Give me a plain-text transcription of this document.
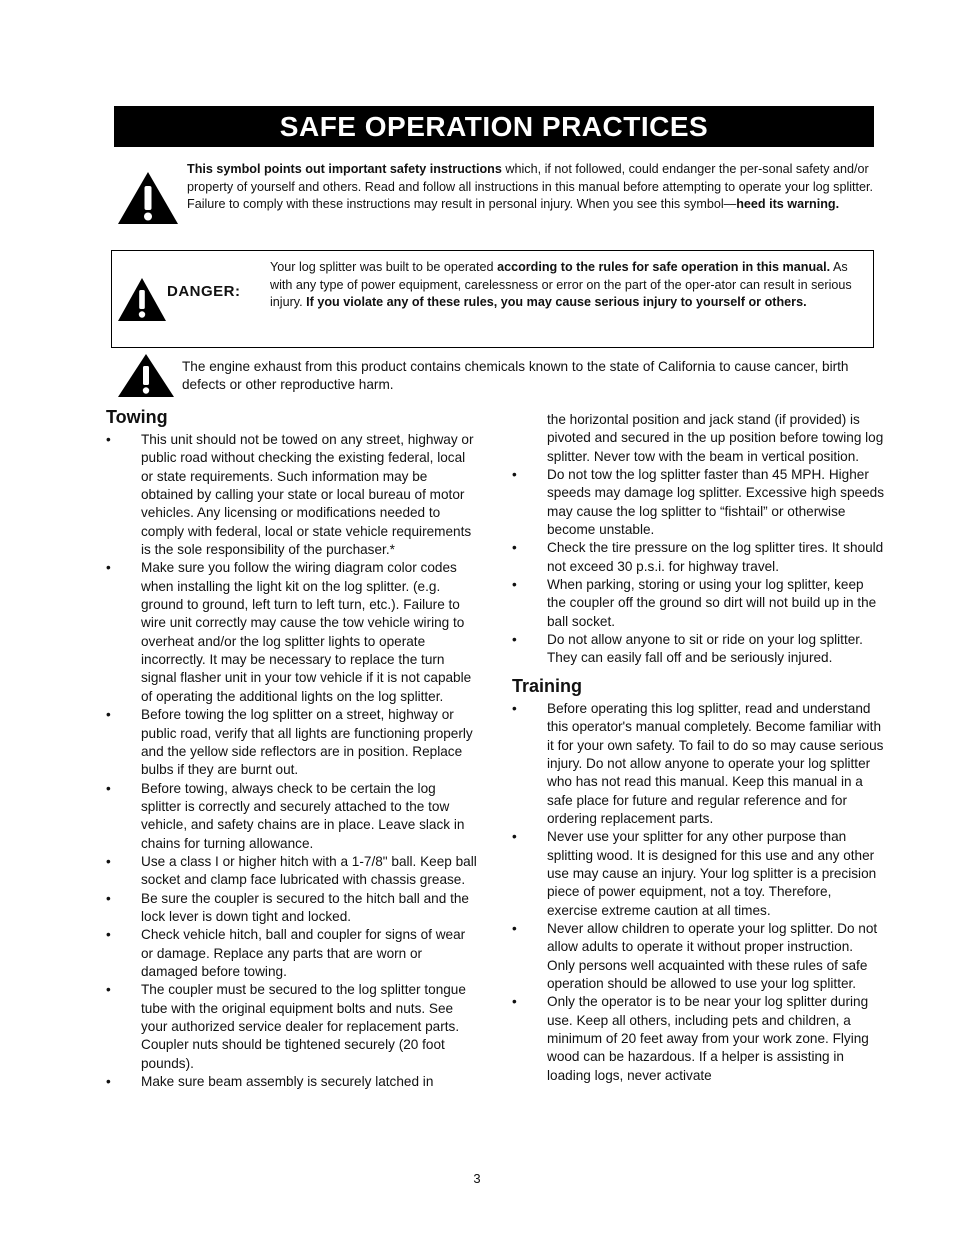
SAFE OPERATION PRACTICES

This symbol points out important safety instructions which, if not followed, could endanger the per-sonal safety and/or property of yourself and others. Read and follow all instructions in this manual before attempting to operate your log splitter. Failure to comply with these instructions may result in personal injury. When you see this symbol—heed its warning.

DANGER:

Your log splitter was built to be operated according to the rules for safe operation in this manual. As with any type of power equipment, carelessness or error on the part of the oper-ator can result in serious injury. If you violate any of these rules, you may cause serious injury to yourself or others.

The engine exhaust from this product contains chemicals known to the state of California to cause cancer, birth defects or other reproductive harm.

Towing
• This unit should not be towed on any street, highway or public road without checking the existing federal, local or state requirements. Such information may be obtained by calling your state or local bureau of motor vehicles. Any licensing or modifications needed to comply with federal, local or state vehicle requirements is the sole responsibility of the purchaser.*
• Make sure you follow the wiring diagram color codes when installing the light kit on the log splitter. (e.g. ground to ground, left turn to left turn, etc.). Failure to wire unit correctly may cause the tow vehicle wiring to overheat and/or the log splitter lights to operate incorrectly. It may be necessary to replace the turn signal flasher unit in your tow vehicle if it is not capable of operating the additional lights on the log splitter.
• Before towing the log splitter on a street, highway or public road, verify that all lights are functioning properly and the yellow side reflectors are in position. Replace bulbs if they are burnt out.
• Before towing, always check to be certain the log splitter is correctly and securely attached to the tow vehicle, and safety chains are in place. Leave slack in chains for turning allowance.
• Use a class I or higher hitch with a 1-7/8" ball. Keep ball socket and clamp face lubricated with chassis grease.
• Be sure the coupler is secured to the hitch ball and the lock lever is down tight and locked.
• Check vehicle hitch, ball and coupler for signs of wear or damage. Replace any parts that are worn or damaged before towing.
• The coupler must be secured to the log splitter tongue tube with the original equipment bolts and nuts. See your authorized service dealer for replacement parts. Coupler nuts should be tightened securely (20 foot pounds).
• Make sure beam assembly is securely latched in

the horizontal position and jack stand (if provided) is pivoted and secured in the up position before towing log splitter. Never tow with the beam in vertical position.

• Do not tow the log splitter faster than 45 MPH. Higher speeds may damage log splitter. Excessive high speeds may cause the log splitter to “fishtail” or otherwise become unstable.
• Check the tire pressure on the log splitter tires. It should not exceed 30 p.s.i. for highway travel.
• When parking, storing or using your log splitter, keep the coupler off the ground so dirt will not build up in the ball socket.
• Do not allow anyone to sit or ride on your log splitter. They can easily fall off and be seriously injured.
Training
• Before operating this log splitter, read and understand this operator's manual completely. Become familiar with it for your own safety. To fail to do so may cause serious injury. Do not allow anyone to operate your log splitter who has not read this manual. Keep this manual in a safe place for future and regular reference and for ordering replacement parts.
• Never use your splitter for any other purpose than splitting wood. It is designed for this use and any other use may cause an injury. Your log splitter is a precision piece of power equipment, not a toy. Therefore, exercise extreme caution at all times.
• Never allow children to operate your log splitter. Do not allow adults to operate it without proper instruction. Only persons well acquainted with these rules of safe operation should be allowed to use your log splitter.
• Only the operator is to be near your log splitter during use. Keep all others, including pets and children, a minimum of 20 feet away from your work zone. Flying wood can be hazardous. If a helper is assisting in loading logs, never activate

3
